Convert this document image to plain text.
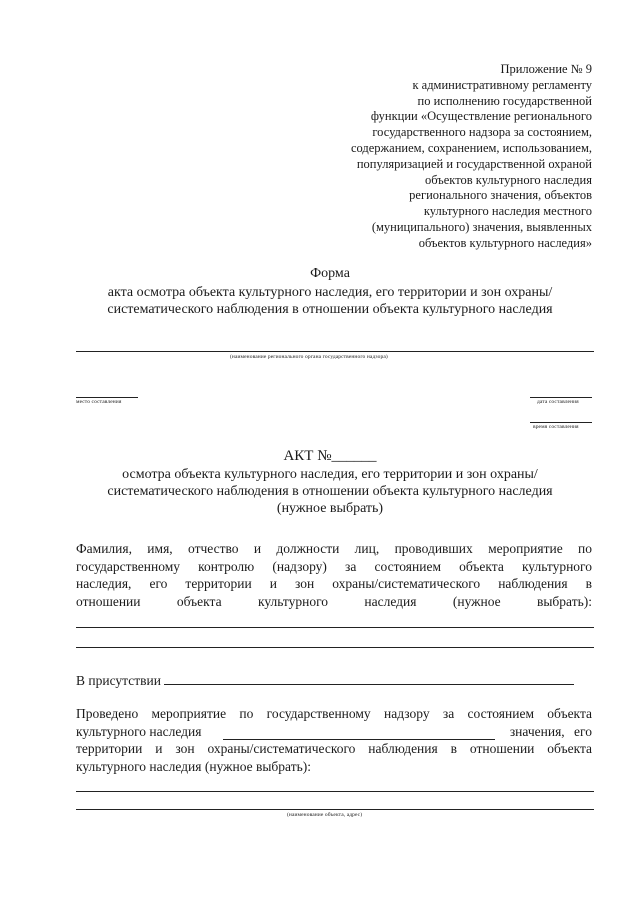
Приложение № 9
к административному регламенту
по исполнению государственной
функции «Осуществление регионального
государственного надзора за состоянием,
содержанием, сохранением, использованием,
популяризацией и государственной охраной
объектов культурного наследия
регионального значения, объектов
культурного наследия местного
(муниципального) значения, выявленных
объектов культурного наследия»
Форма
акта осмотра объекта культурного наследия, его территории и зон охраны/
систематического наблюдения в отношении объекта культурного наследия
(наименование регионального органа государственного надзора)
место составления	дата составления
время составления
АКТ №______
осмотра объекта культурного наследия, его территории и зон охраны/
систематического наблюдения в отношении объекта культурного наследия
(нужное выбрать)
Фамилия, имя, отчество и должности лиц, проводивших мероприятие по
государственному контролю (надзору) за состоянием объекта культурного
наследия, его территории и зон охраны/систематического наблюдения в
отношении объекта культурного наследия (нужное выбрать):
В присутствии
Проведено мероприятие по государственному надзору за состоянием объекта
культурного наследия	значения, его
территории и зон охраны/систематического наблюдения в отношении объекта
культурного наследия (нужное выбрать):
(наименование объекта, адрес)
